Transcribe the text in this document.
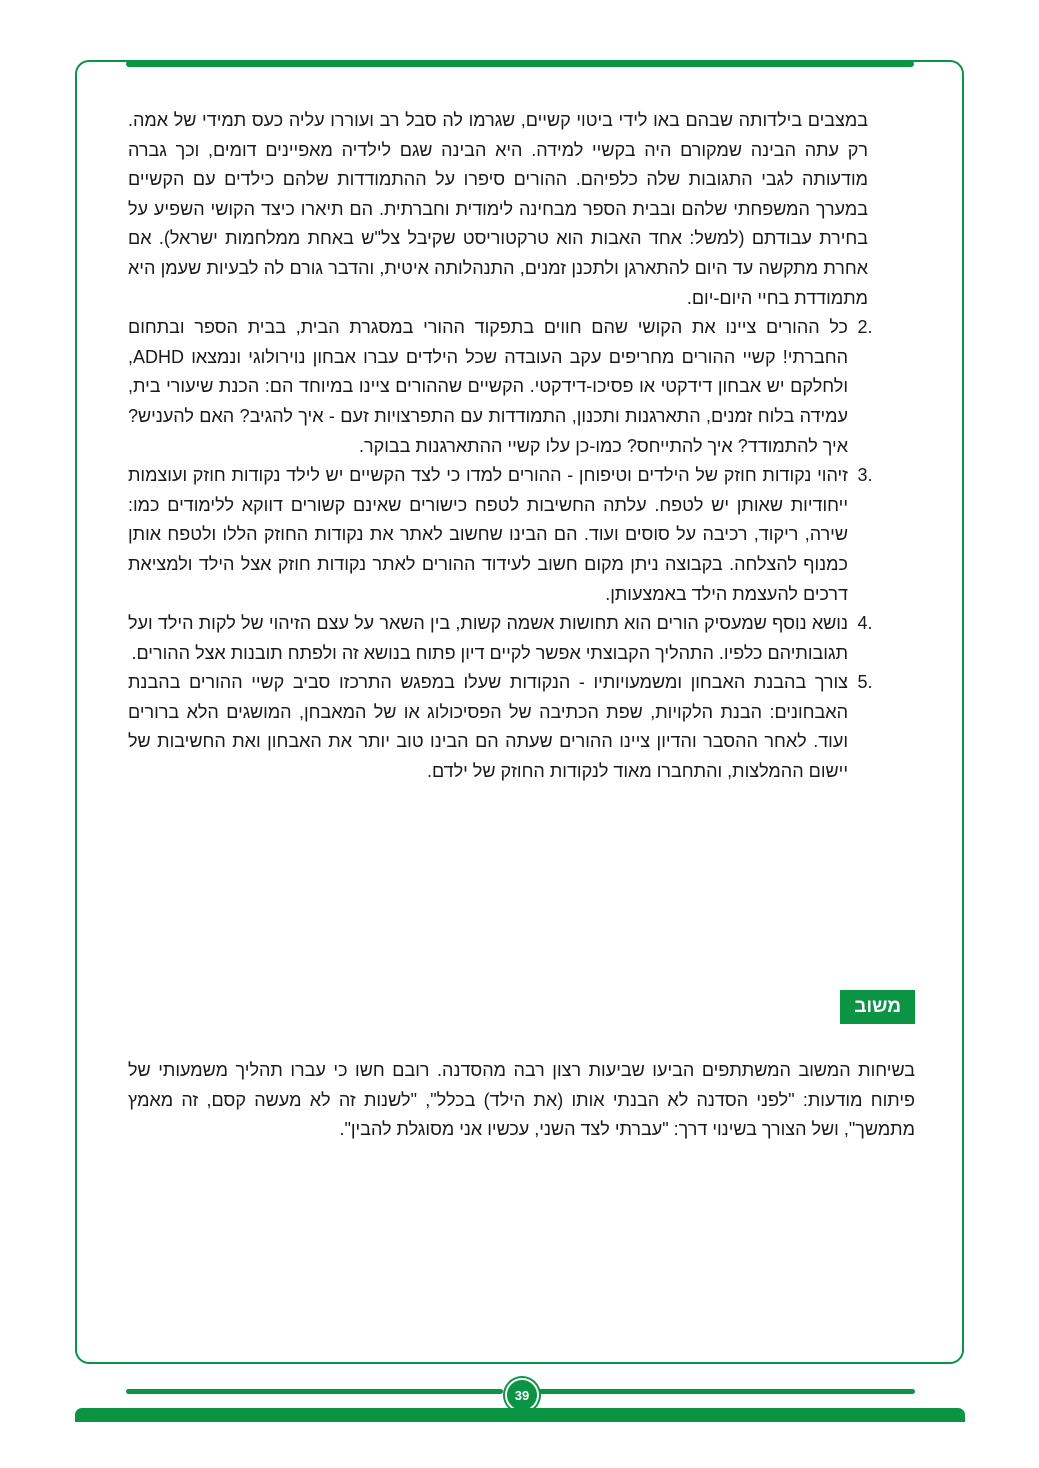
במצבים בילדותה שבהם באו לידי ביטוי קשיים, שגרמו לה סבל רב ועוררו עליה כעס תמידי של אמה. רק עתה הבינה שמקורם היה בקשיי למידה. היא הבינה שגם לילדיה מאפיינים דומים, וכך גברה מודעותה לגבי התגובות שלה כלפיהם. ההורים סיפרו על ההתמודדות שלהם כילדים עם הקשיים במערך המשפחתי שלהם ובבית הספר מבחינה לימודית וחברתית. הם תיארו כיצד הקושי השפיע על בחירת עבודתם (למשל: אחד האבות הוא טרקטוריסט שקיבל צל"ש באחת ממלחמות ישראל). אם אחרת מתקשה עד היום להתארגן ולתכנן זמנים, התנהלותה איטית, והדבר גורם לה לבעיות שעמן היא מתמודדת בחיי היום-יום.

.2
כל ההורים ציינו את הקושי שהם חווים בתפקוד ההורי במסגרת הבית, בבית הספר ובתחום החברתי! קשיי ההורים מחריפים עקב העובדה שכל הילדים עברו אבחון נוירולוגי ונמצאו ADHD, ולחלקם יש אבחון דידקטי או פסיכו-דידקטי. הקשיים שההורים ציינו במיוחד הם: הכנת שיעורי בית, עמידה בלוח זמנים, התארגנות ותכנון, התמודדות עם התפרצויות זעם - איך להגיב? האם להעניש? איך להתמודד? איך להתייחס? כמו-כן עלו קשיי ההתארגנות בבוקר.
.3
זיהוי נקודות חוזק של הילדים וטיפוחן - ההורים למדו כי לצד הקשיים יש לילד נקודות חוזק ועוצמות ייחודיות שאותן יש לטפח. עלתה החשיבות לטפח כישורים שאינם קשורים דווקא ללימודים כמו: שירה, ריקוד, רכיבה על סוסים ועוד. הם הבינו שחשוב לאתר את נקודות החוזק הללו ולטפח אותן כמנוף להצלחה. בקבוצה ניתן מקום חשוב לעידוד ההורים לאתר נקודות חוזק אצל הילד ולמציאת דרכים להעצמת הילד באמצעותן.
.4
נושא נוסף שמעסיק הורים הוא תחושות אשמה קשות, בין השאר על עצם הזיהוי של לקות הילד ועל תגובותיהם כלפיו. התהליך הקבוצתי אפשר לקיים דיון פתוח בנושא זה ולפתח תובנות אצל ההורים.
.5
צורך בהבנת האבחון ומשמעויותיו - הנקודות שעלו במפגש התרכזו סביב קשיי ההורים בהבנת האבחונים: הבנת הלקויות, שפת הכתיבה של הפסיכולוג או של המאבחן, המושגים הלא ברורים ועוד. לאחר ההסבר והדיון ציינו ההורים שעתה הם הבינו טוב יותר את האבחון ואת החשיבות של יישום ההמלצות, והתחברו מאוד לנקודות החוזק של ילדם.
משוב

בשיחות המשוב המשתתפים הביעו שביעות רצון רבה מהסדנה. רובם חשו כי עברו תהליך משמעותי של פיתוח מודעות: "לפני הסדנה לא הבנתי אותו (את הילד) בכלל", "לשנות זה לא מעשה קסם, זה מאמץ מתמשך", ושל הצורך בשינוי דרך: "עברתי לצד השני, עכשיו אני מסוגלת להבין".

39
